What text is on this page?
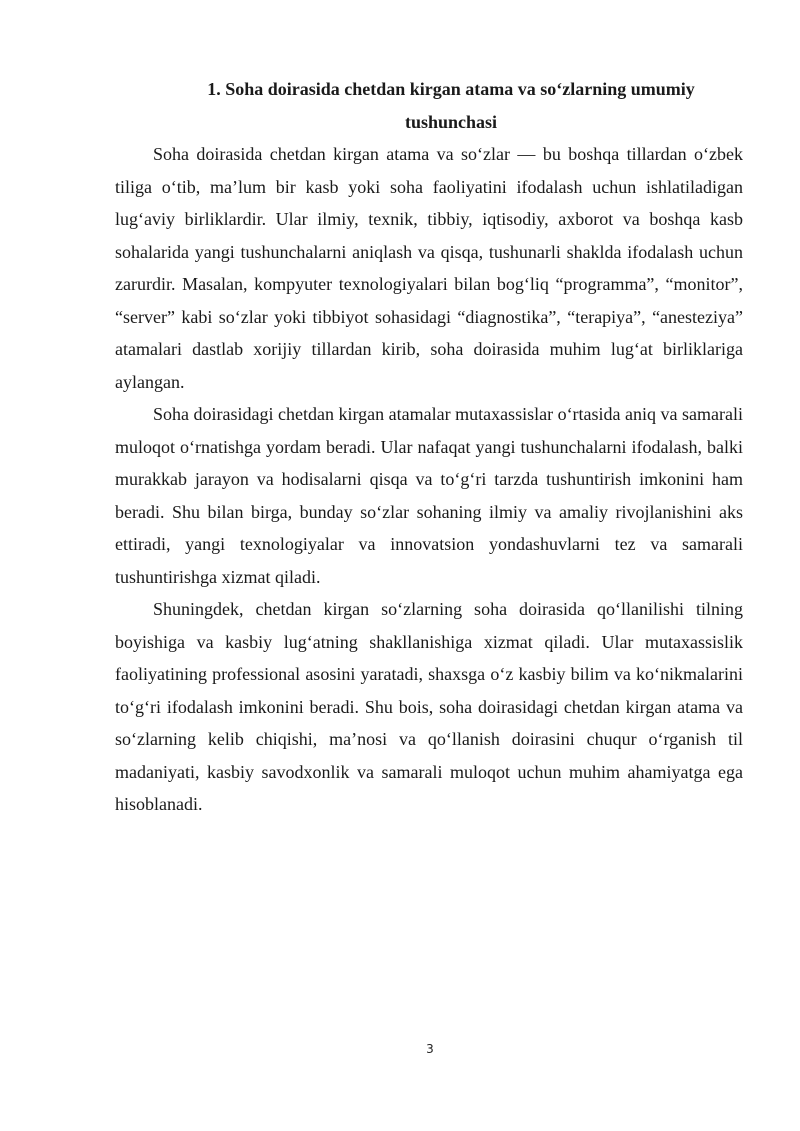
1. Soha doirasida chetdan kirgan atama va so‘zlarning umumiy tushunchasi

Soha doirasida chetdan kirgan atama va so‘zlar — bu boshqa tillardan o‘zbek tiliga o‘tib, ma’lum bir kasb yoki soha faoliyatini ifodalash uchun ishlatiladigan lug‘aviy birliklardir. Ular ilmiy, texnik, tibbiy, iqtisodiy, axborot va boshqa kasb sohalarida yangi tushunchalarni aniqlash va qisqa, tushunarli shaklda ifodalash uchun zarurdir. Masalan, kompyuter texnologiyalari bilan bog‘liq “programma”, “monitor”, “server” kabi so‘zlar yoki tibbiyot sohasidagi “diagnostika”, “terapiya”, “anesteziya” atamalari dastlab xorijiy tillardan kirib, soha doirasida muhim lug‘at birliklariga aylangan.

Soha doirasidagi chetdan kirgan atamalar mutaxassislar o‘rtasida aniq va samarali muloqot o‘rnatishga yordam beradi. Ular nafaqat yangi tushunchalarni ifodalash, balki murakkab jarayon va hodisalarni qisqa va to‘g‘ri tarzda tushuntirish imkonini ham beradi. Shu bilan birga, bunday so‘zlar sohaning ilmiy va amaliy rivojlanishini aks ettiradi, yangi texnologiyalar va innovatsion yondashuvlarni tez va samarali tushuntirishga xizmat qiladi.

Shuningdek, chetdan kirgan so‘zlarning soha doirasida qo‘llanilishi tilning boyishiga va kasbiy lug‘atning shakllanishiga xizmat qiladi. Ular mutaxassislik faoliyatining professional asosini yaratadi, shaxsga o‘z kasbiy bilim va ko‘nikmalarini to‘g‘ri ifodalash imkonini beradi. Shu bois, soha doirasidagi chetdan kirgan atama va so‘zlarning kelib chiqishi, ma’nosi va qo‘llanish doirasini chuqur o‘rganish til madaniyati, kasbiy savodxonlik va samarali muloqot uchun muhim ahamiyatga ega hisoblanadi.

3
